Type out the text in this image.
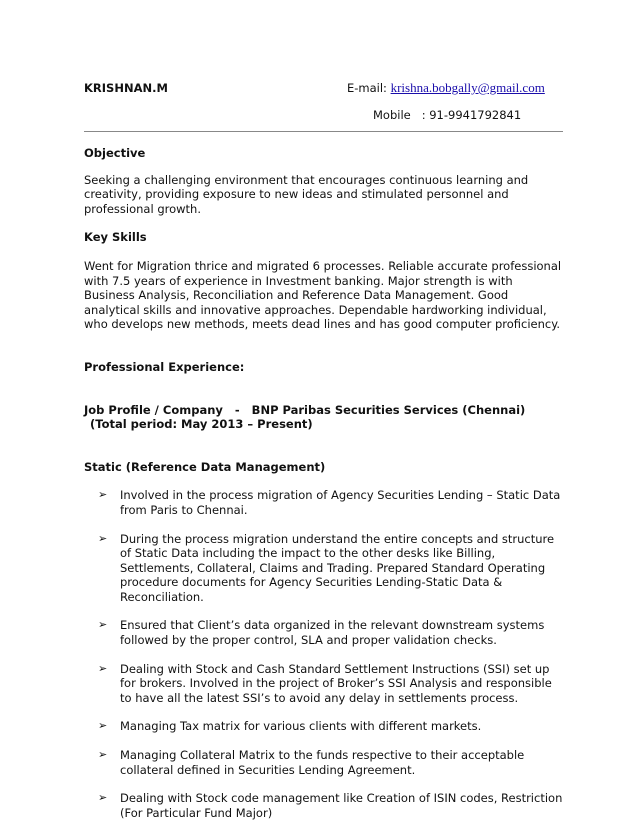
KRISHNAN.M	E-mail: krishna.bobgally@gmail.com
Mobile   : 91-9941792841
Objective

Seeking a challenging environment that encourages continuous learning and creativity, providing exposure to new ideas and stimulated personnel and professional growth.

Key Skills

Went for Migration thrice and migrated 6 processes. Reliable accurate professional with 7.5 years of experience in Investment banking. Major strength is with Business Analysis, Reconciliation and Reference Data Management. Good analytical skills and innovative approaches. Dependable hardworking individual, who develops new methods, meets dead lines and has good computer proficiency.

Professional Experience:

Job Profile / Company   -   BNP Paribas Securities Services (Chennai)

(Total period: May 2013 – Present)

Static (Reference Data Management)
➢ Involved in the process migration of Agency Securities Lending – Static Data from Paris to Chennai.
➢ During the process migration understand the entire concepts and structure of Static Data including the impact to the other desks like Billing, Settlements, Collateral, Claims and Trading. Prepared Standard Operating procedure documents for Agency Securities Lending-Static Data & Reconciliation.
➢ Ensured that Client’s data organized in the relevant downstream systems followed by the proper control, SLA and proper validation checks.
➢ Dealing with Stock and Cash Standard Settlement Instructions (SSI) set up for brokers. Involved in the project of Broker’s SSI Analysis and responsible to have all the latest SSI’s to avoid any delay in settlements process.
➢ Managing Tax matrix for various clients with different markets.
➢ Managing Collateral Matrix to the funds respective to their acceptable collateral defined in Securities Lending Agreement.
➢ Dealing with Stock code management like Creation of ISIN codes, Restriction (For Particular Fund Major)
